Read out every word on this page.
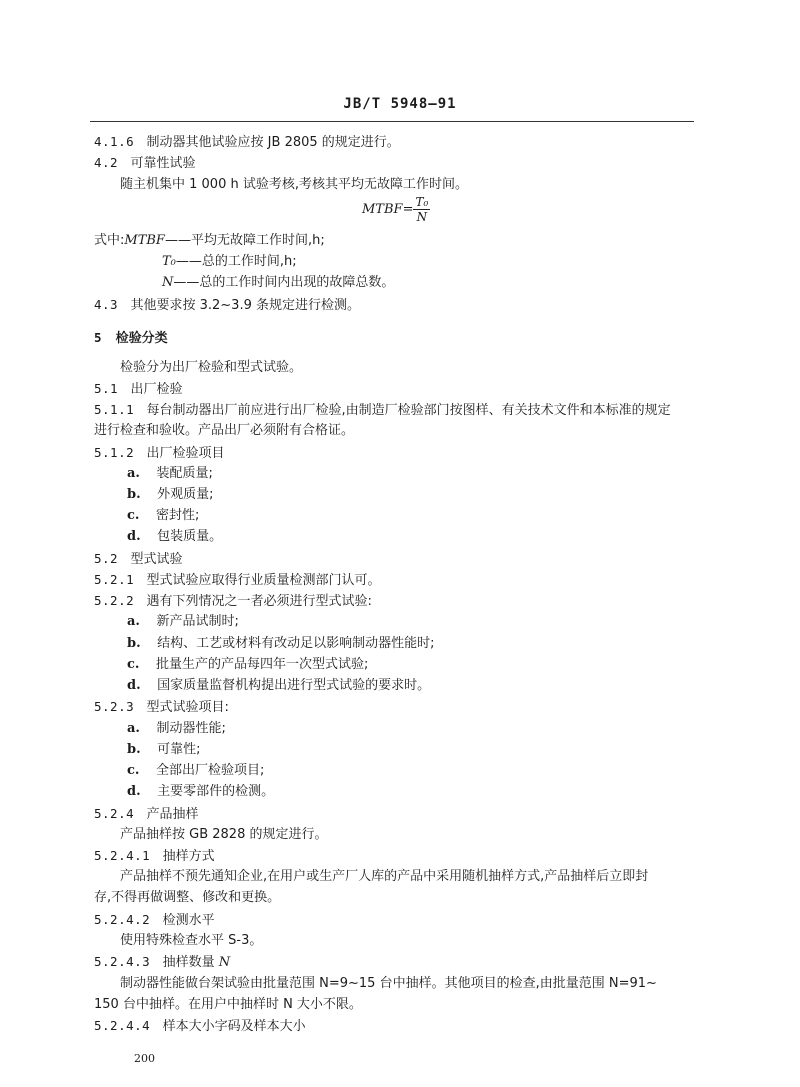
JB/T 5948—91
4.1.6 制动器其他试验应按 JB 2805 的规定进行。
4.2 可靠性试验
随主机集中 1 000 h 试验考核,考核其平均无故障工作时间。
MTBF= $\frac{\text{T₀}}{N}$
式中:MTBF——平均无故障工作时间,h;
T₀——总的工作时间,h;
N——总的工作时间内出现的故障总数。
4.3 其他要求按 3.2~3.9 条规定进行检测。
5 检验分类
检验分为出厂检验和型式试验。
5.1 出厂检验
5.1.1 每台制动器出厂前应进行出厂检验,由制造厂检验部门按图样、有关技术文件和本标准的规定
进行检查和验收。产品出厂必须附有合格证。
5.1.2 出厂检验项目
a. 装配质量;
b. 外观质量;
c. 密封性;
d. 包装质量。
5.2 型式试验
5.2.1 型式试验应取得行业质量检测部门认可。
5.2.2 遇有下列情况之一者必须进行型式试验:
a. 新产品试制时;
b. 结构、工艺或材料有改动足以影响制动器性能时;
c. 批量生产的产品每四年一次型式试验;
d. 国家质量监督机构提出进行型式试验的要求时。
5.2.3 型式试验项目:
a. 制动器性能;
b. 可靠性;
c. 全部出厂检验项目;
d. 主要零部件的检测。
5.2.4 产品抽样
产品抽样按 GB 2828 的规定进行。
5.2.4.1 抽样方式
产品抽样不预先通知企业,在用户或生产厂人库的产品中采用随机抽样方式,产品抽样后立即封
存,不得再做调整、修改和更换。
5.2.4.2 检测水平
使用特殊检查水平 S-3。
5.2.4.3 抽样数量 N
制动器性能做台架试验由批量范围 N=9~15 台中抽样。其他项目的检查,由批量范围 N=91~
150 台中抽样。在用户中抽样时 N 大小不限。
5.2.4.4 样本大小字码及样本大小
200
